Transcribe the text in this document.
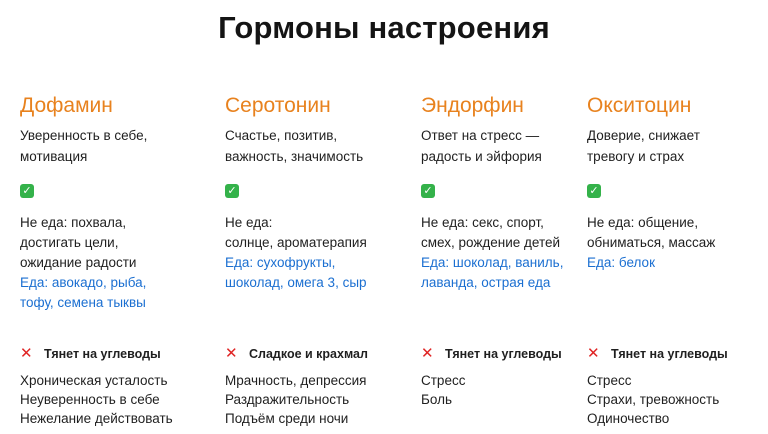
Гормоны настроения
Дофамин
Уверенность в себе,
мотивация
✓
Не еда: похвала,
достигать цели,
ожидание радости
Еда: авокадо, рыба,
тофу, семена тыквы
✕ Тянет на углеводы
Хроническая усталость
Неуверенность в себе
Нежелание действовать
Серотонин
Счастье, позитив,
важность, значимость
✓
Не еда:
солнце, ароматерапия
Еда: сухофрукты,
шоколад, омега 3, сыр
✕ Сладкое и крахмал
Мрачность, депрессия
Раздражительность
Подъём среди ночи
Эндорфин
Ответ на стресс —
радость и эйфория
✓
Не еда: секс, спорт,
смех, рождение детей
Еда: шоколад, ваниль,
лаванда, острая еда
✕ Тянет на углеводы
Стресс
Боль
Окситоцин
Доверие, снижает
тревогу и страх
✓
Не еда: общение,
обниматься, массаж
Еда: белок
✕ Тянет на углеводы
Стресс
Страхи, тревожность
Одиночество
